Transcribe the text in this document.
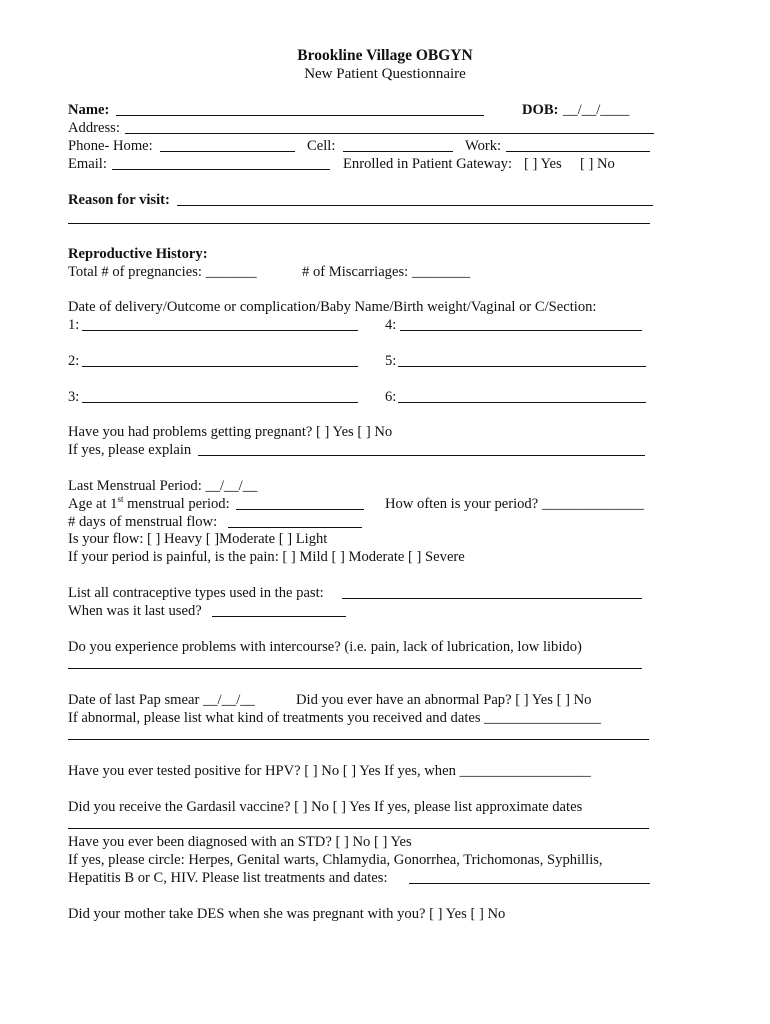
Brookline Village OBGYN
New Patient Questionnaire
Name:	DOB: __/__/____
Address:
Phone- Home:	Cell:	Work:
Email:	Enrolled in Patient Gateway: [ ] Yes [ ] No
Reason for visit:
Reproductive History:
Total # of pregnancies: _______	# of Miscarriages: ________
Date of delivery/Outcome or complication/Baby Name/Birth weight/Vaginal or C/Section:
1:	4:
2:	5:
3:	6:
Have you had problems getting pregnant? [ ] Yes [ ] No
If yes, please explain
Last Menstrual Period: __/__/__
Age at 1st menstrual period:	How often is your period? ______________
# days of menstrual flow:
Is your flow: [ ] Heavy [ ]Moderate [ ] Light
If your period is painful, is the pain: [ ] Mild [ ] Moderate [ ] Severe
List all contraceptive types used in the past:
When was it last used?
Do you experience problems with intercourse? (i.e. pain, lack of lubrication, low libido)
Date of last Pap smear __/__/__	Did you ever have an abnormal Pap? [ ] Yes [ ] No
If abnormal, please list what kind of treatments you received and dates ________________
Have you ever tested positive for HPV? [ ] No [ ] Yes If yes, when __________________
Did you receive the Gardasil vaccine? [ ] No [ ] Yes If yes, please list approximate dates
Have you ever been diagnosed with an STD? [ ] No [ ] Yes
If yes, please circle: Herpes, Genital warts, Chlamydia, Gonorrhea, Trichomonas, Syphillis,
Hepatitis B or C, HIV. Please list treatments and dates:
Did your mother take DES when she was pregnant with you? [ ] Yes [ ] No
